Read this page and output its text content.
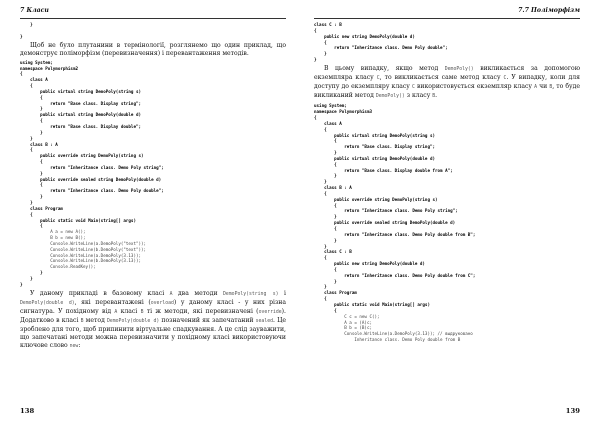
7 Класи
}

}

Щоб не було плутанини в термінології, розглянемо що один приклад, що демонструє поліморфізм (перевизначення) і перевантаження методів.

using System;
namespace Polymorphism2
{
class A
{
public virtual string DemoPoly(string s)
{
return "Base class. Display string";
}
public virtual string DemoPoly(double d)
{
return "Base class. Display double";
}
}
class B : A
{
public override string DemoPoly(string s)
{
return "Inheritance class. Demo Poly string";
}
public override sealed string DemoPoly(double d)
{
return "Inheritance class. Demo Poly double";
}
}
class Program
{
public static void Main(string[] args)
{
A a = new A();
B b = new B();
Console.WriteLine(a.DemoPoly("text"));
Console.WriteLine(b.DemoPoly("text"));
Console.WriteLine(a.DemoPoly(3.13));
Console.WriteLine(b.DemoPoly(3.13));
Console.ReadKey();
}
}
}

У даному прикладі в базовому класі A два методи DemoPoly(string s) і DemoPoly(double d), які перевантажені (overload) у даному класі - у них різна сигнатура. У похідному від A класі B ті ж методи, які перевизначені (override). Додатково в класі B метод DemoPoly(double d) позначений як запечатаний sealed. Це зроблено для того, щоб припинити віртуальне спадкування. А це слід зауважити, що запечатані методи можна перевизначити у похідному класі використовуючи ключове слово new:

138
7.7 Поліморфізм
class C : B
{
public new string DemoPoly(double d)
{
return "Inheritance class. Demo Poly double";
}
}

В цьому випадку, якщо метод DemoPoly() викликається за допомогою екземпляра класу C, то викликається саме метод класу C. У випадку, коли для доступу до екземпляру класу C використовується екземпляр класу A чи B, то буде викликаний метод DemoPoly() з класу B.

using System;
namespace Polymorphism3
{
class A
{
public virtual string DemoPoly(string s)
{
return "Base class. Display string";
}
public virtual string DemoPoly(double d)
{
return "Base class. Display double from A";
}
}
class B : A
{
public override string DemoPoly(string s)
{
return "Inheritance class. Demo Poly string";
}
public override sealed string DemoPoly(double d)
{
return "Inheritance class. Demo Poly double from B";
}
}
class C : B
{
public new string DemoPoly(double d)
{
return "Inheritance class. Demo Poly double from C";
}
}
class Program
{
public static void Main(string[] args)
{
C c = new C();
A a = (A)c;
B b = (B)c;
Console.WriteLine(a.DemoPoly(3.13)); // выдрукованo
Inheritance class. Demo Poly double from B
139
